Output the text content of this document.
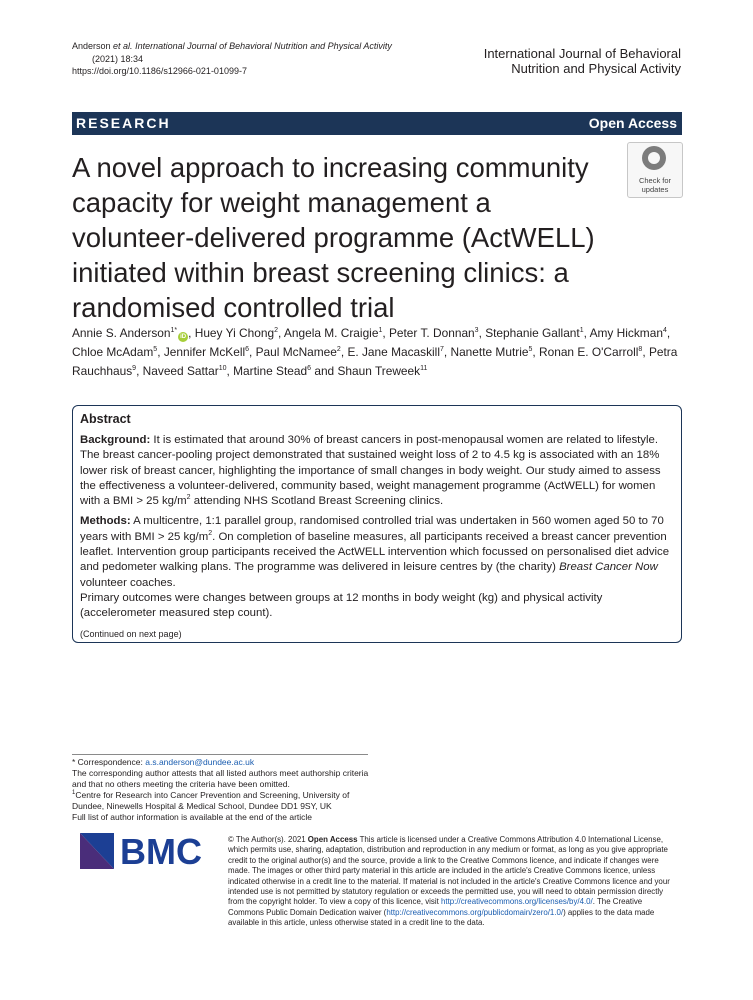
Anderson et al. International Journal of Behavioral Nutrition and Physical Activity
(2021) 18:34
https://doi.org/10.1186/s12966-021-01099-7
International Journal of Behavioral
Nutrition and Physical Activity
RESEARCH	Open Access
A novel approach to increasing community capacity for weight management a volunteer-delivered programme (ActWELL) initiated within breast screening clinics: a randomised controlled trial
Check for
updates
Annie S. Anderson$^{1*}$iD , Huey Yi Chong$^2$, Angela M. Craigie$^1$, Peter T. Donnan$^3$, Stephanie Gallant$^1$, Amy Hickman$^4$, Chloe McAdam$^5$, Jennifer McKell$^6$, Paul McNamee$^2$, E. Jane Macaskill$^7$, Nanette Mutrie$^5$, Ronan E. O'Carroll$^8$, Petra Rauchhaus$^9$, Naveed Sattar$^{10}$, Martine Stead$^6$ and Shaun Treweek$^{11}$
Abstract

Background: It is estimated that around 30% of breast cancers in post-menopausal women are related to lifestyle. The breast cancer-pooling project demonstrated that sustained weight loss of 2 to 4.5 kg is associated with an 18% lower risk of breast cancer, highlighting the importance of small changes in body weight. Our study aimed to assess the effectiveness a volunteer-delivered, community based, weight management programme (ActWELL) for women with a BMI > 25 $kg/m^2$ attending NHS Scotland Breast Screening clinics.

Methods: A multicentre, 1:1 parallel group, randomised controlled trial was undertaken in 560 women aged 50 to 70 years with BMI > 25 $kg/m^2$. On completion of baseline measures, all participants received a breast cancer prevention leaflet. Intervention group participants received the ActWELL intervention which focussed on personalised diet advice and pedometer walking plans. The programme was delivered in leisure centres by (the charity) Breast Cancer Now volunteer coaches.

Primary outcomes were changes between groups at 12 months in body weight (kg) and physical activity (accelerometer measured step count).

(Continued on next page)
* Correspondence: a.s.anderson@dundee.ac.uk
The corresponding author attests that all listed authors meet authorship criteria and that no others meeting the criteria have been omitted.
$^1$Centre for Research into Cancer Prevention and Screening, University of Dundee, Ninewells Hospital & Medical School, Dundee DD1 9SY, UK
Full list of author information is available at the end of the article
BMC	© The Author(s). 2021 Open Access This article is licensed under a Creative Commons Attribution 4.0 International License, which permits use, sharing, adaptation, distribution and reproduction in any medium or format, as long as you give appropriate credit to the original author(s) and the source, provide a link to the Creative Commons licence, and indicate if changes were made. The images or other third party material in this article are included in the article's Creative Commons licence, unless indicated otherwise in a credit line to the material. If material is not included in the article's Creative Commons licence and your intended use is not permitted by statutory regulation or exceeds the permitted use, you will need to obtain permission directly from the copyright holder. To view a copy of this licence, visit http://creativecommons.org/licenses/by/4.0/. The Creative Commons Public Domain Dedication waiver (http://creativecommons.org/publicdomain/zero/1.0/) applies to the data made available in this article, unless otherwise stated in a credit line to the data.
